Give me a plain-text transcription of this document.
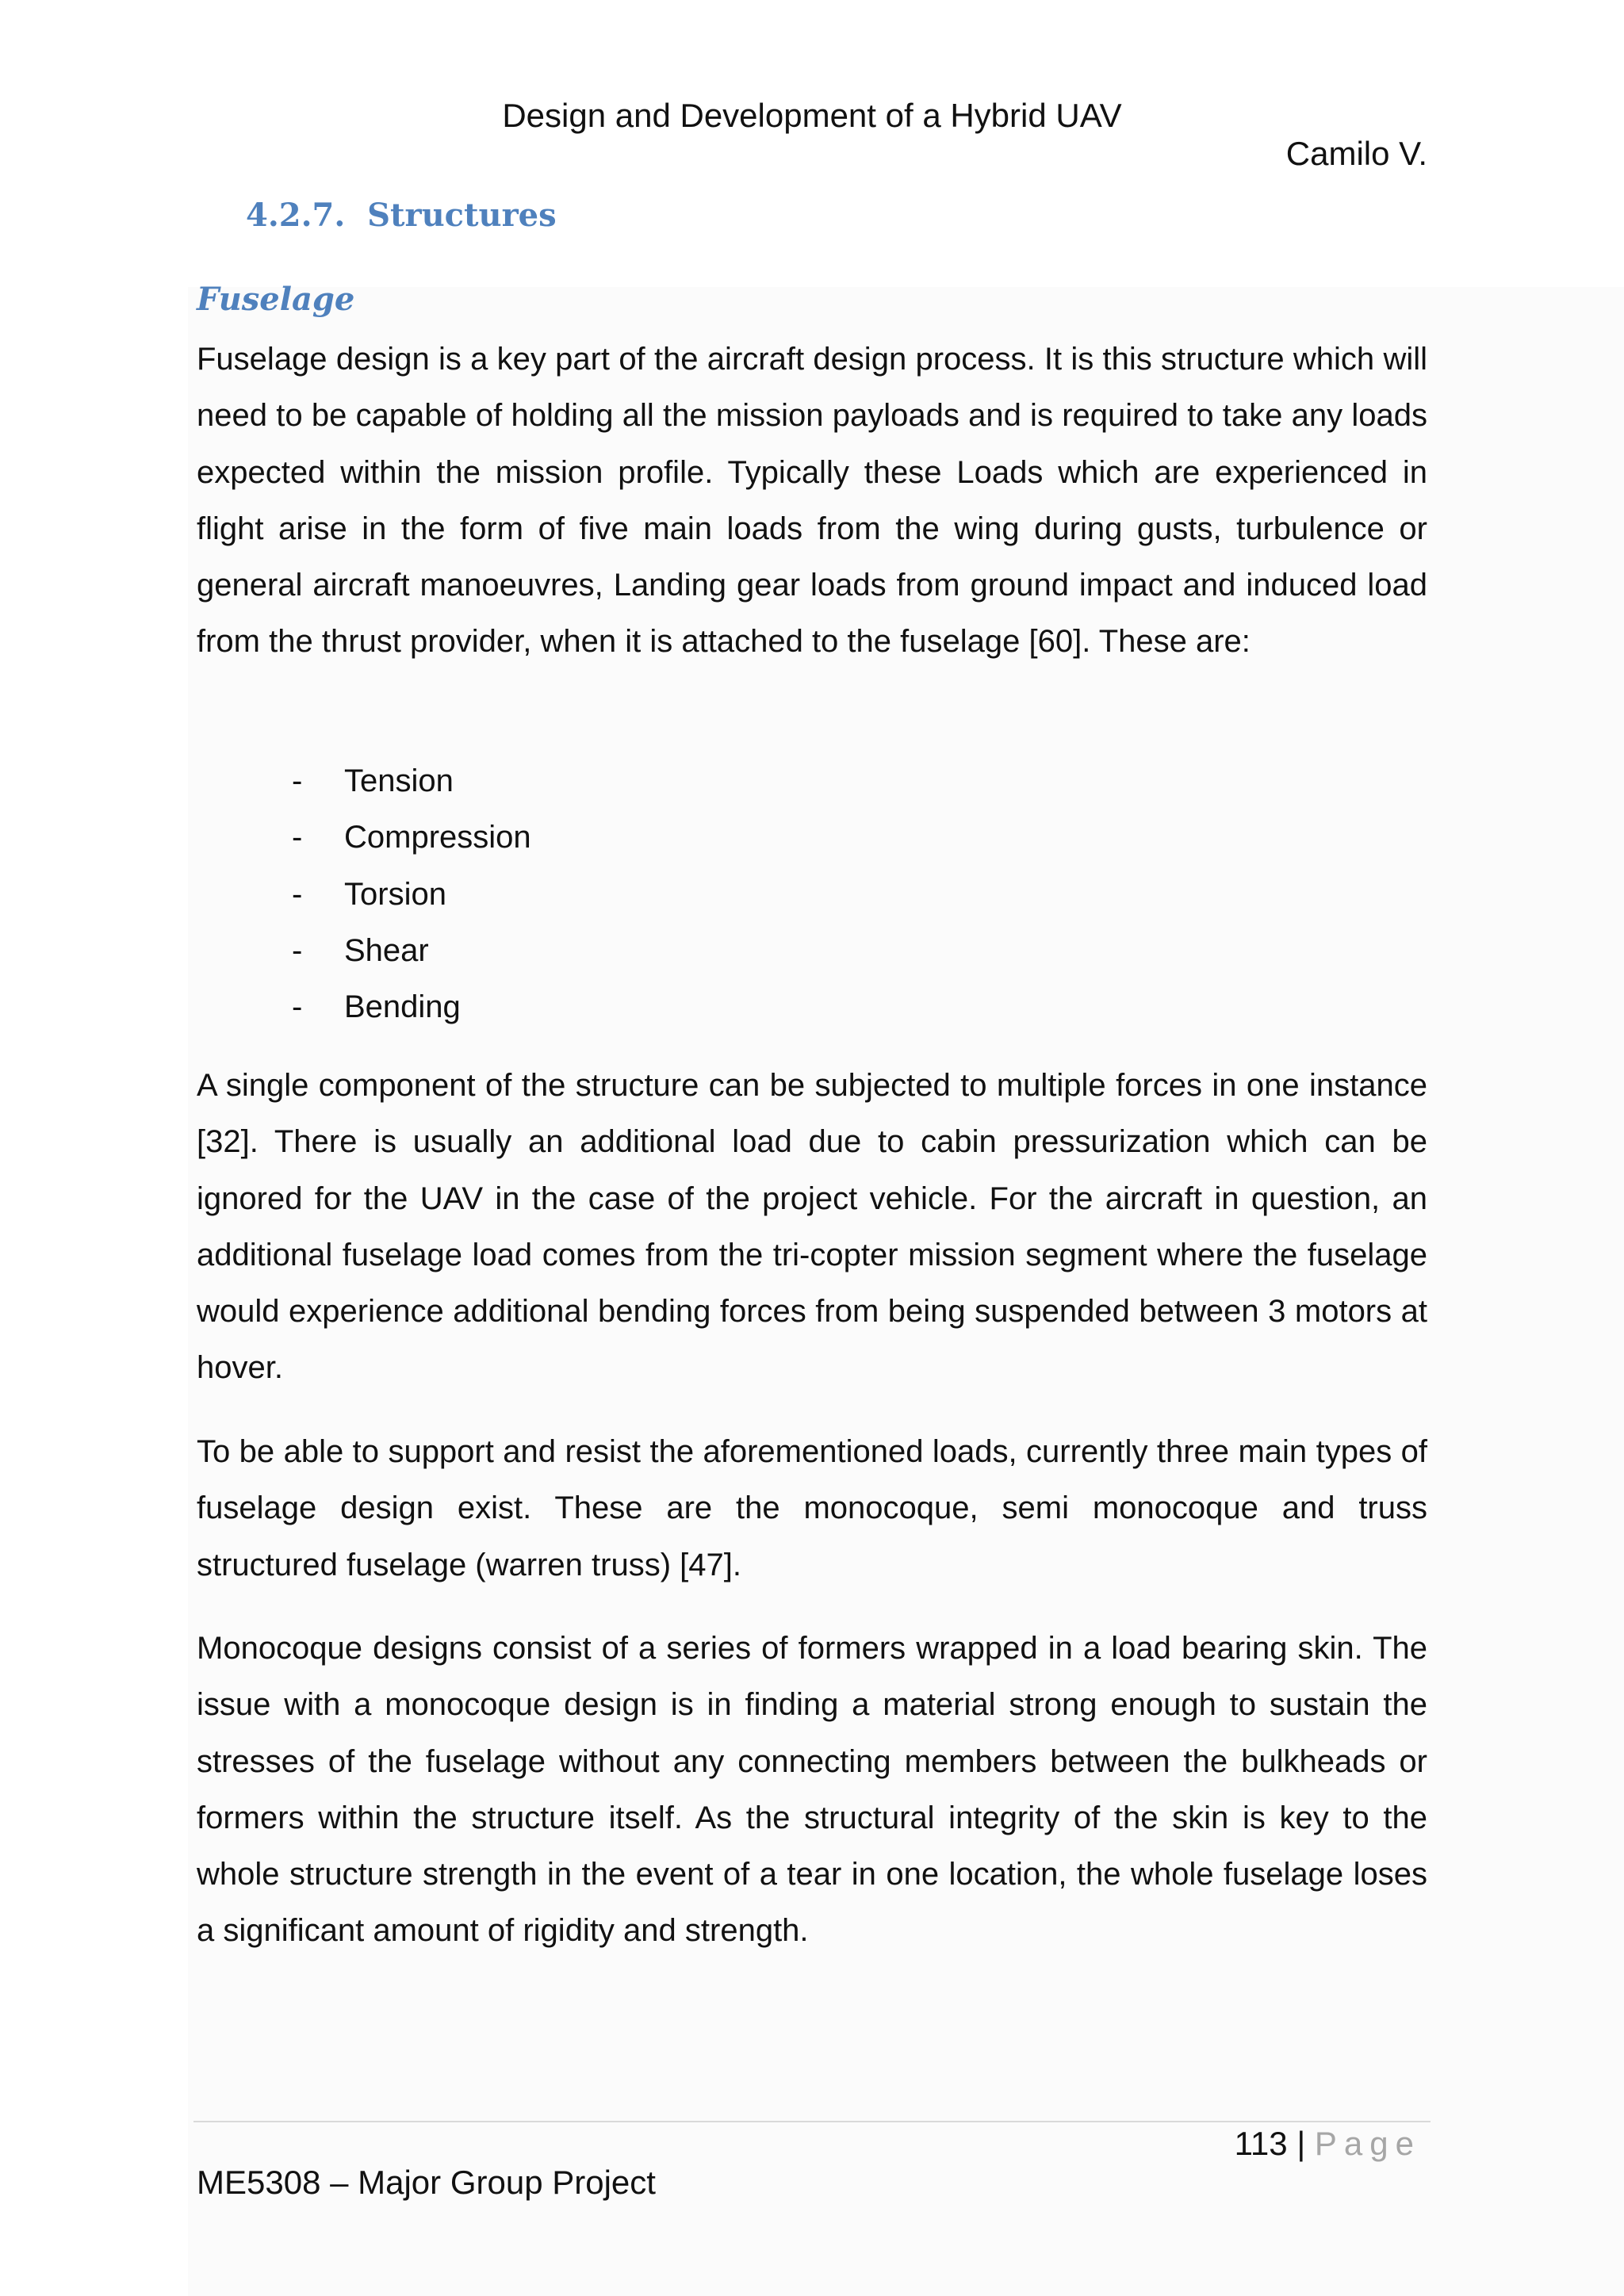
Design and Development of a Hybrid UAV
Camilo V.
4.2.7. Structures
Fuselage

Fuselage design is a key part of the aircraft design process. It is this structure which will need to be capable of holding all the mission payloads and is required to take any loads expected within the mission profile. Typically these Loads which are experienced in flight arise in the form of five main loads from the wing during gusts, turbulence or general aircraft manoeuvres, Landing gear loads from ground impact and induced load from the thrust provider, when it is attached to the fuselage [60]. These are:

-	Tension
-	Compression
-	Torsion
-	Shear
-	Bending

A single component of the structure can be subjected to multiple forces in one instance [32]. There is usually an additional load due to cabin pressurization which can be ignored for the UAV in the case of the project vehicle. For the aircraft in question, an additional fuselage load comes from the tri-copter mission segment where the fuselage would experience additional bending forces from being suspended between 3 motors at hover.

To be able to support and resist the aforementioned loads, currently three main types of fuselage design exist. These are the monocoque, semi monocoque and truss structured fuselage (warren truss) [47].

Monocoque designs consist of a series of formers wrapped in a load bearing skin. The issue with a monocoque design is in finding a material strong enough to sustain the stresses of the fuselage without any connecting members between the bulkheads or formers within the structure itself. As the structural integrity of the skin is key to the whole structure strength in the event of a tear in one location, the whole fuselage loses a significant amount of rigidity and strength.

113 | Page
ME5308 – Major Group Project
